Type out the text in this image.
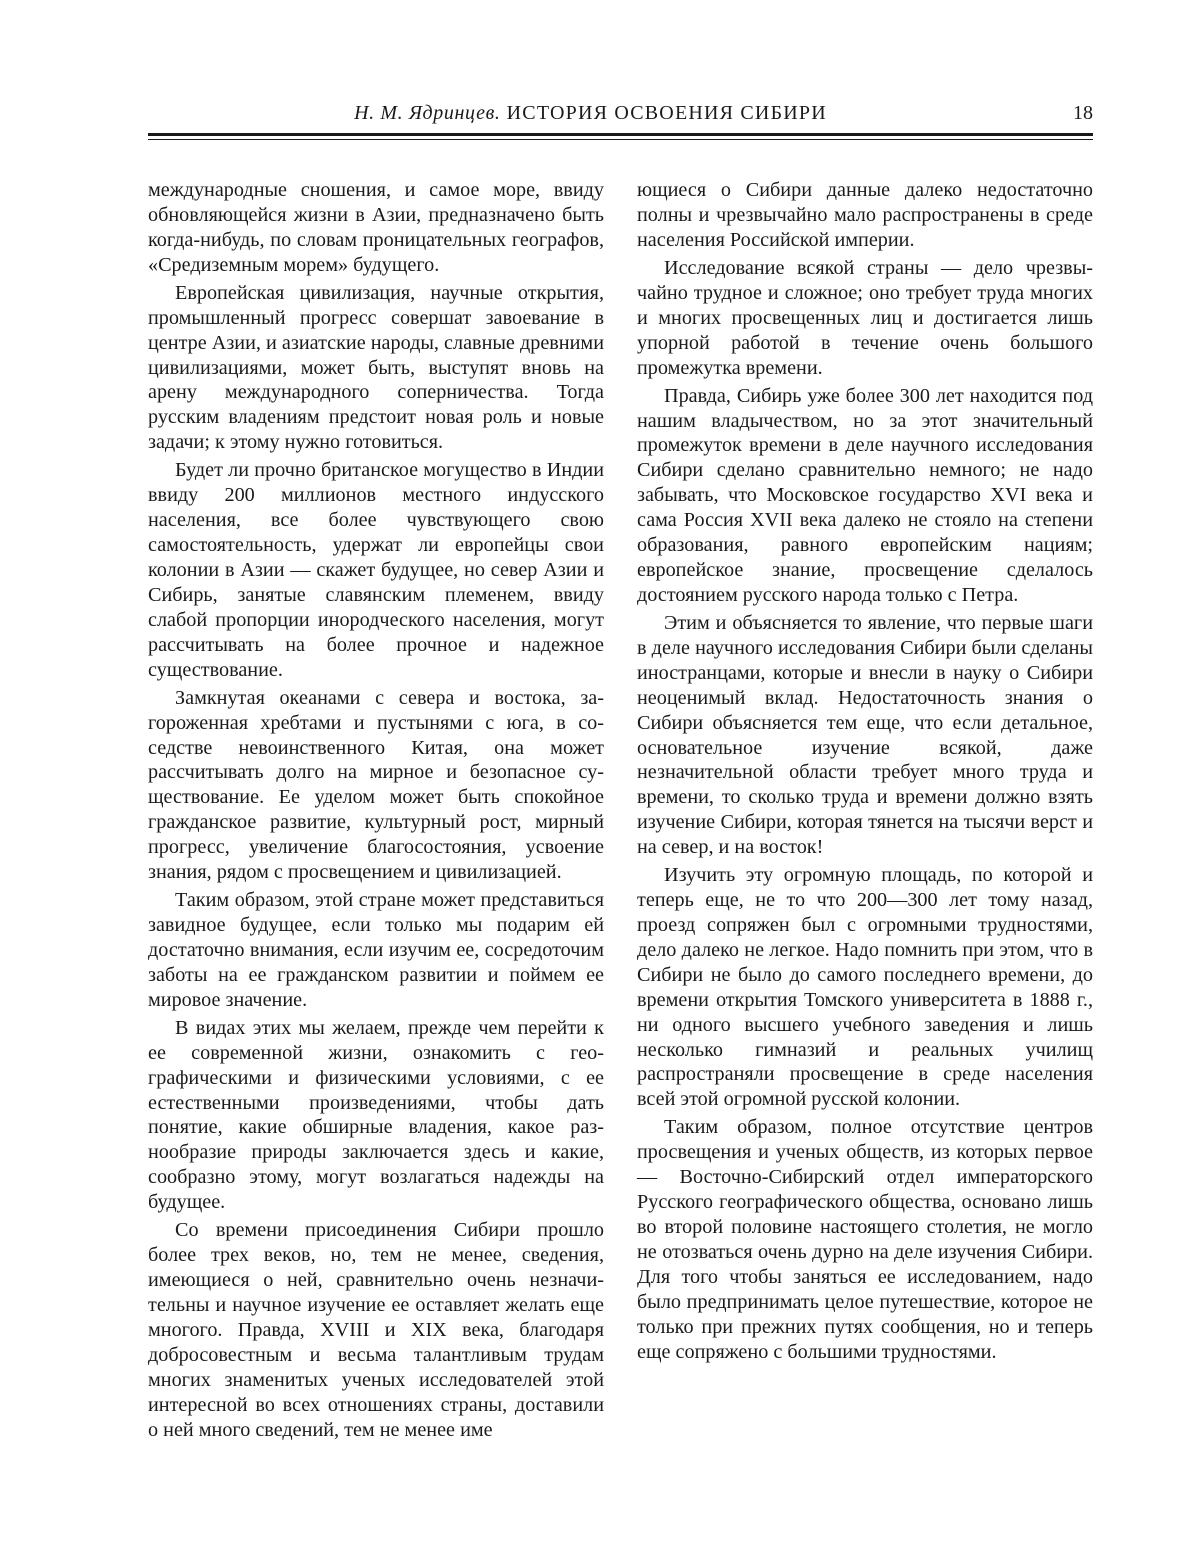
Н. М. Ядринцев. ИСТОРИЯ ОСВОЕНИЯ СИБИРИ	18

международные сношения, и самое море, ввиду обновляющейся жизни в Азии, предназначено быть когда-нибудь, по словам проницательных географов, «Средиземным морем» будущего.

Европейская цивилизация, научные открытия, промышленный прогресс совершат завоевание в центре Азии, и азиатские народы, славные древними цивилизациями, может быть, выступят вновь на арену международного соперничества. Тогда русским владениям предстоит новая роль и новые задачи; к этому нужно готовиться.

Будет ли прочно британское могущество в Индии ввиду 200 миллионов местного индусского населения, все более чувствующего свою самостоятельность, удержат ли европейцы свои колонии в Азии — скажет будущее, но север Азии и Сибирь, занятые славянским племенем, ввиду слабой пропорции инородческого населения, могут рассчитывать на более прочное и надежное существование.

Замкнутая океанами с севера и востока, загороженная хребтами и пустынями с юга, в соседстве невоинственного Китая, она может рассчитывать долго на мирное и безопасное существование. Ее уделом может быть спокойное гражданское развитие, культурный рост, мирный прогресс, увеличение благосостояния, усвоение знания, рядом с просвещением и цивилизацией.

Таким образом, этой стране может представиться завидное будущее, если только мы подарим ей достаточно внимания, если изучим ее, сосредоточим заботы на ее гражданском развитии и поймем ее мировое значение.

В видах этих мы желаем, прежде чем перейти к ее современной жизни, ознакомить с географическими и физическими условиями, с ее естественными произведениями, чтобы дать понятие, какие обширные владения, какое разнообразие природы заключается здесь и какие, сообразно этому, могут возлагаться надежды на будущее.

Со времени присоединения Сибири прошло более трех веков, но, тем не менее, сведения, имеющиеся о ней, сравнительно очень незначительны и научное изучение ее оставляет желать еще многого. Правда, XVIII и XIX века, благодаря добросовестным и весьма талантливым трудам многих знаменитых ученых исследователей этой интересной во всех отношениях страны, доставили о ней много сведений, тем не менее име

ющиеся о Сибири данные далеко недостаточно полны и чрезвычайно мало распространены в среде населения Российской империи.

Исследование всякой страны — дело чрезвычайно трудное и сложное; оно требует труда многих и многих просвещенных лиц и достигается лишь упорной работой в течение очень большого промежутка времени.

Правда, Сибирь уже более 300 лет находится под нашим владычеством, но за этот значительный промежуток времени в деле научного исследования Сибири сделано сравнительно немного; не надо забывать, что Московское государство XVI века и сама Россия XVII века далеко не стояло на степени образования, равного европейским нациям; европейское знание, просвещение сделалось достоянием русского народа только с Петра.

Этим и объясняется то явление, что первые шаги в деле научного исследования Сибири были сделаны иностранцами, которые и внесли в науку о Сибири неоценимый вклад. Недостаточность знания о Сибири объясняется тем еще, что если детальное, основательное изучение всякой, даже незначительной области требует много труда и времени, то сколько труда и времени должно взять изучение Сибири, которая тянется на тысячи верст и на север, и на восток!

Изучить эту огромную площадь, по которой и теперь еще, не то что 200—300 лет тому назад, проезд сопряжен был с огромными трудностями, дело далеко не легкое. Надо помнить при этом, что в Сибири не было до самого последнего времени, до времени открытия Томского университета в 1888 г., ни одного высшего учебного заведения и лишь несколько гимназий и реальных училищ распространяли просвещение в среде населения всей этой огромной русской колонии.

Таким образом, полное отсутствие центров просвещения и ученых обществ, из которых первое — Восточно-Сибирский отдел императорского Русского географического общества, основано лишь во второй половине настоящего столетия, не могло не отозваться очень дурно на деле изучения Сибири. Для того чтобы заняться ее исследованием, надо было предпринимать целое путешествие, которое не только при прежних путях сообщения, но и теперь еще сопряжено с большими трудностями.
